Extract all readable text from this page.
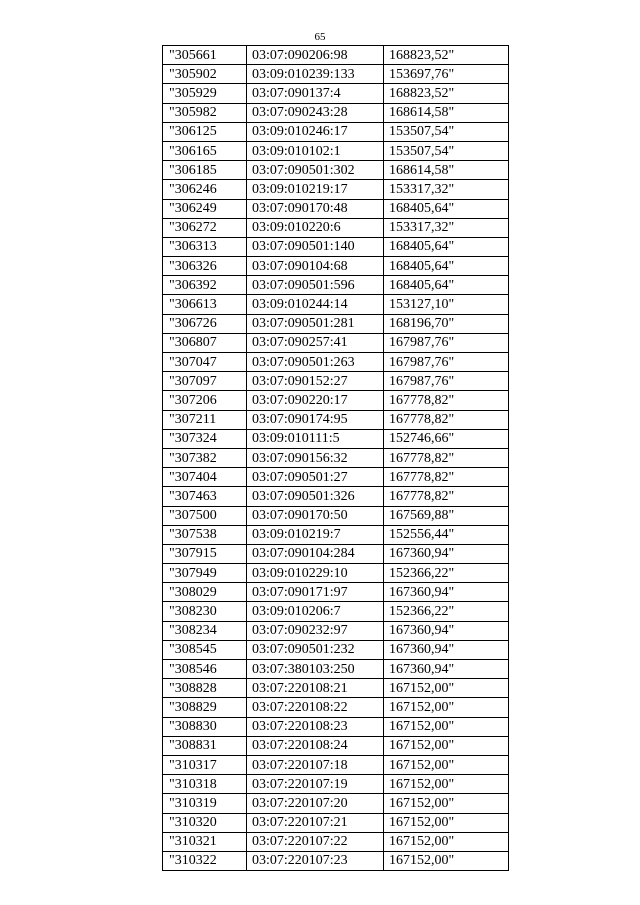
65
"305661	03:07:090206:98	168823,52"
"305902	03:09:010239:133	153697,76"
"305929	03:07:090137:4	168823,52"
"305982	03:07:090243:28	168614,58"
"306125	03:09:010246:17	153507,54"
"306165	03:09:010102:1	153507,54"
"306185	03:07:090501:302	168614,58"
"306246	03:09:010219:17	153317,32"
"306249	03:07:090170:48	168405,64"
"306272	03:09:010220:6	153317,32"
"306313	03:07:090501:140	168405,64"
"306326	03:07:090104:68	168405,64"
"306392	03:07:090501:596	168405,64"
"306613	03:09:010244:14	153127,10"
"306726	03:07:090501:281	168196,70"
"306807	03:07:090257:41	167987,76"
"307047	03:07:090501:263	167987,76"
"307097	03:07:090152:27	167987,76"
"307206	03:07:090220:17	167778,82"
"307211	03:07:090174:95	167778,82"
"307324	03:09:010111:5	152746,66"
"307382	03:07:090156:32	167778,82"
"307404	03:07:090501:27	167778,82"
"307463	03:07:090501:326	167778,82"
"307500	03:07:090170:50	167569,88"
"307538	03:09:010219:7	152556,44"
"307915	03:07:090104:284	167360,94"
"307949	03:09:010229:10	152366,22"
"308029	03:07:090171:97	167360,94"
"308230	03:09:010206:7	152366,22"
"308234	03:07:090232:97	167360,94"
"308545	03:07:090501:232	167360,94"
"308546	03:07:380103:250	167360,94"
"308828	03:07:220108:21	167152,00"
"308829	03:07:220108:22	167152,00"
"308830	03:07:220108:23	167152,00"
"308831	03:07:220108:24	167152,00"
"310317	03:07:220107:18	167152,00"
"310318	03:07:220107:19	167152,00"
"310319	03:07:220107:20	167152,00"
"310320	03:07:220107:21	167152,00"
"310321	03:07:220107:22	167152,00"
"310322	03:07:220107:23	167152,00"
